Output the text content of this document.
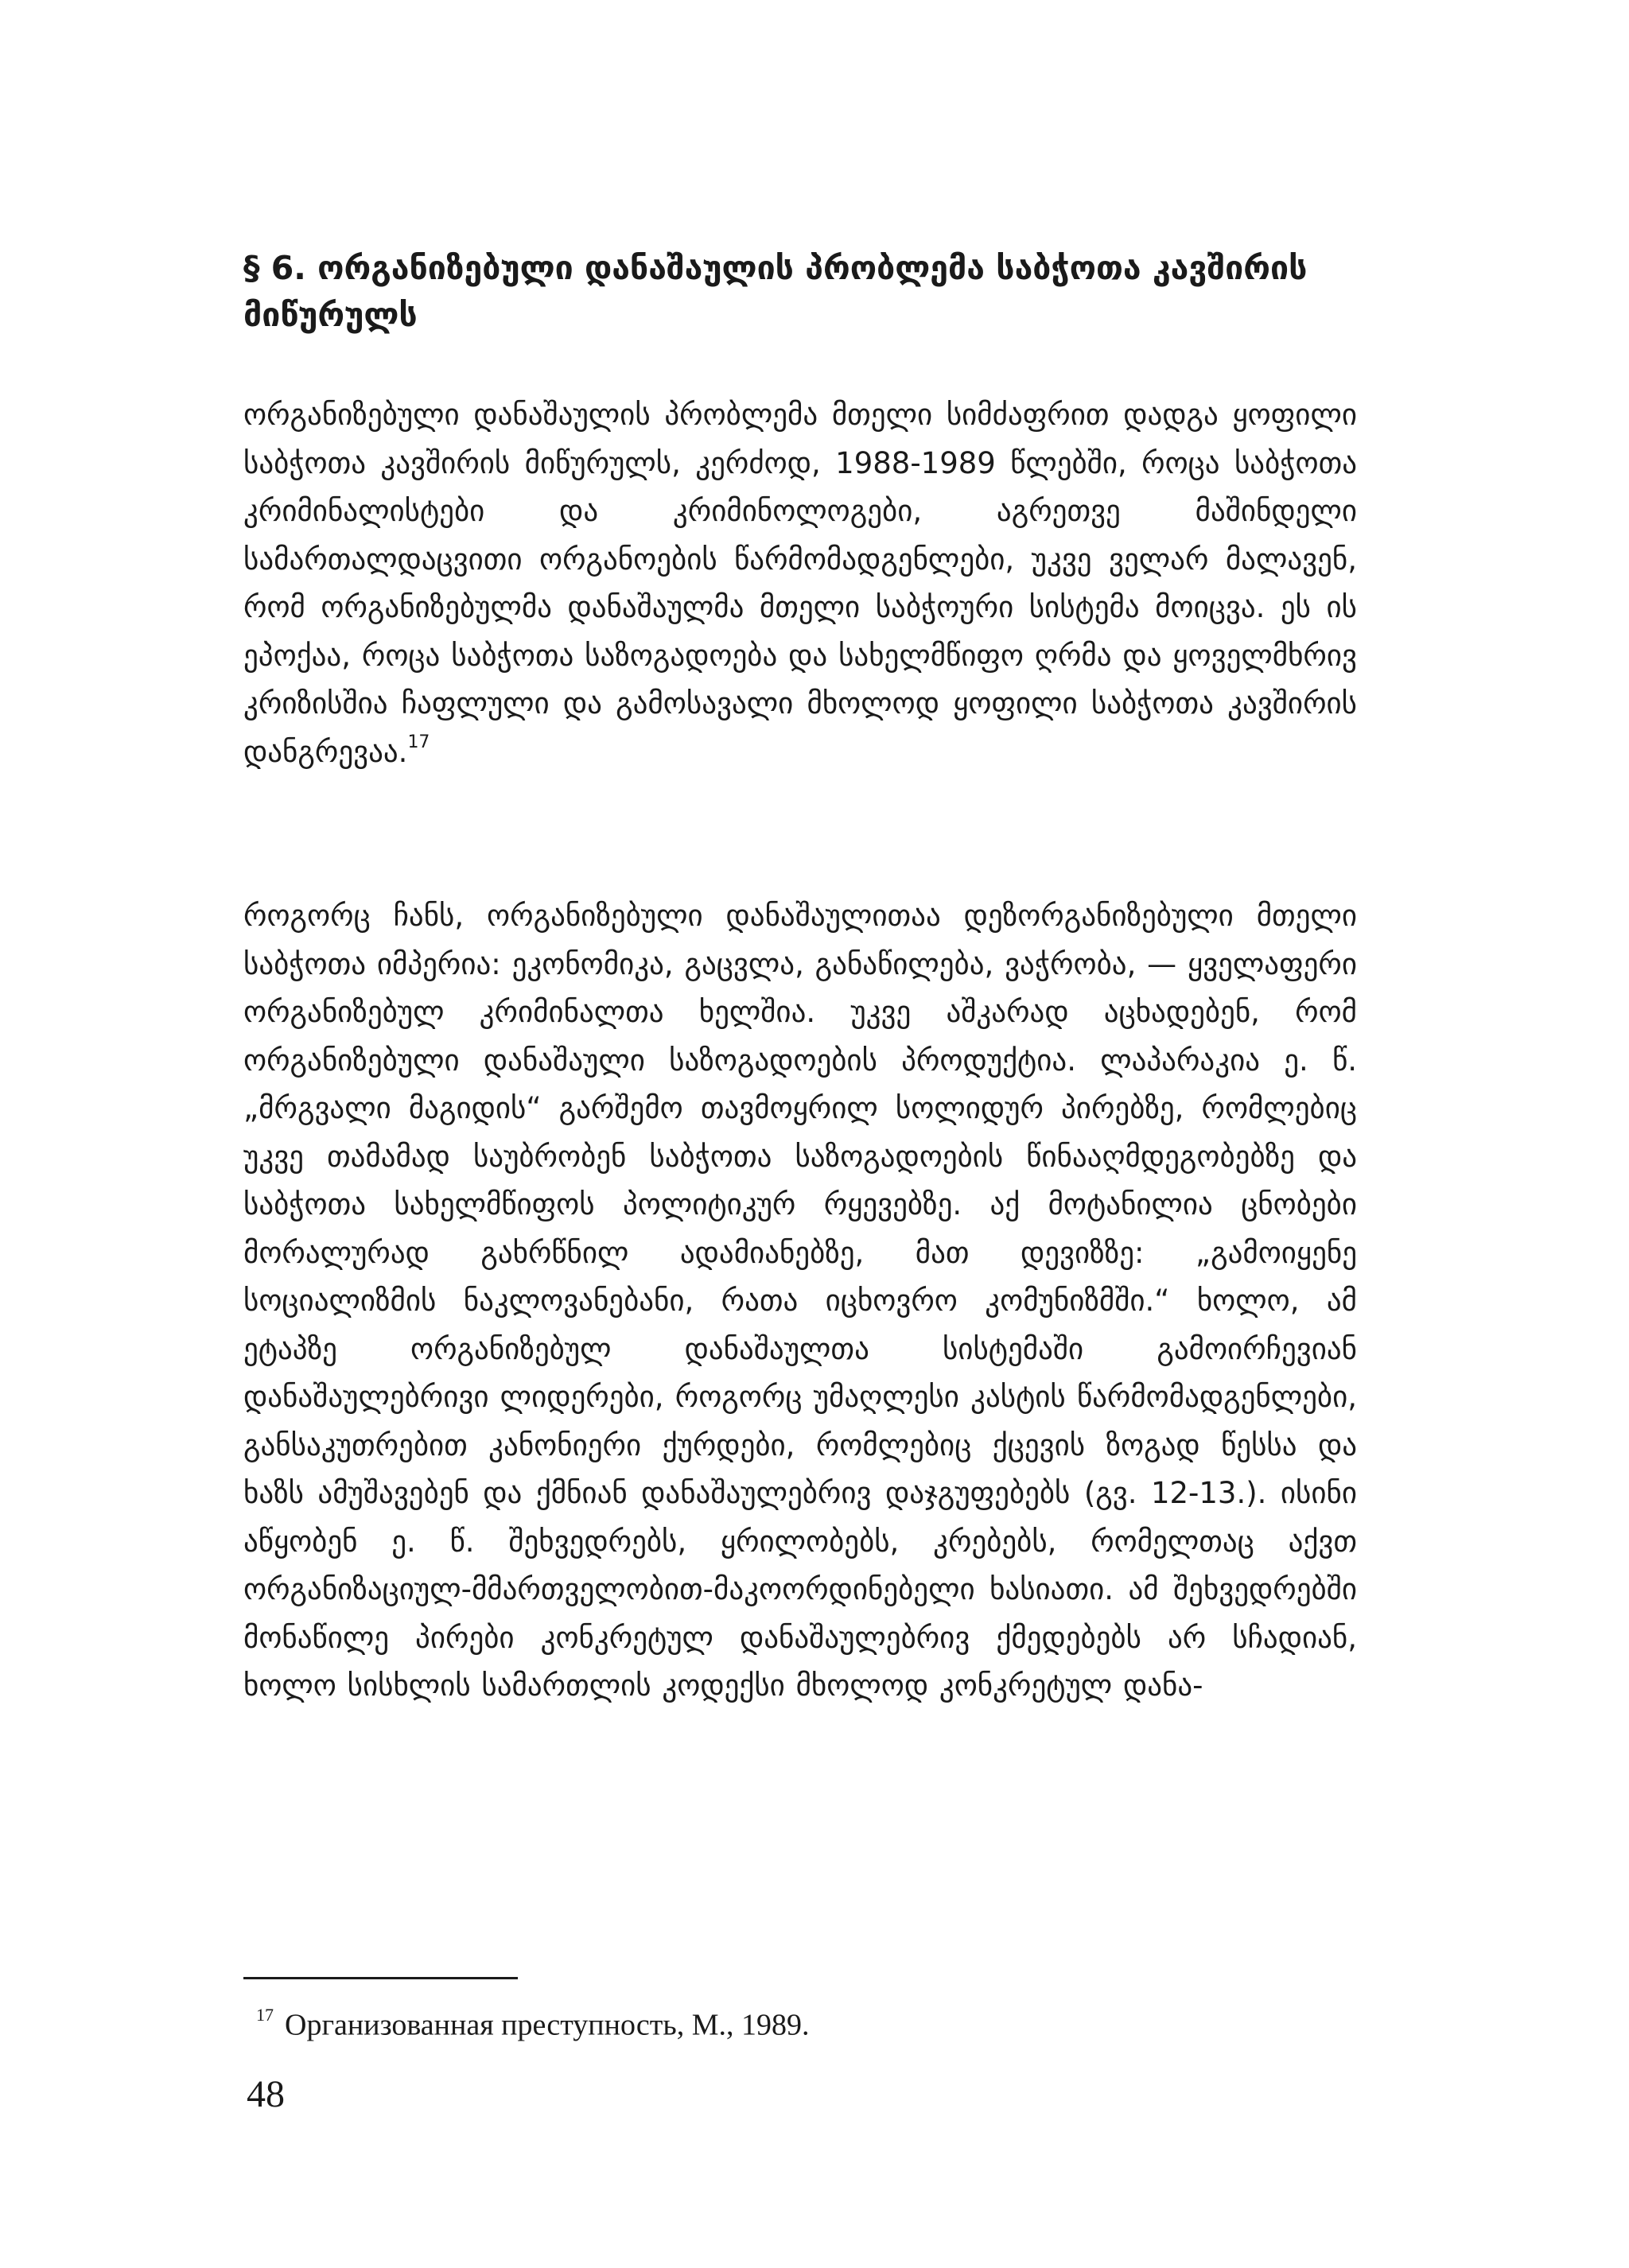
§ 6. ორგანიზებული დანაშაულის პრობლემა საბჭოთა კავშირის მიწურულს

ორგანიზებული დანაშაულის პრობლემა მთელი სიმძაფრით დადგა ყოფილი საბჭოთა კავშირის მიწურულს, კერძოდ, 1988-1989 წლებში, როცა საბჭოთა კრიმინალისტები და კრიმინოლოგები, აგრეთვე მაშინდელი სამართალდაცვითი ორგანოების წარმომადგენლები, უკვე ველარ მალავენ, რომ ორგანიზებულმა დანაშაულმა მთელი საბჭოური სისტემა მოიცვა. ეს ის ეპოქაა, როცა საბჭოთა საზოგადოება და სახელმწიფო ღრმა და ყოველმხრივ კრიზისშია ჩაფლული და გამოსავალი მხოლოდ ყოფილი საბჭოთა კავშირის დანგრევაა.$^{17}$

როგორც ჩანს, ორგანიზებული დანაშაულითაა დეზორგანიზებული მთელი საბჭოთა იმპერია: ეკონომიკა, გაცვლა, განაწილება, ვაჭრობა, — ყველაფერი ორგანიზებულ კრიმინალთა ხელშია. უკვე აშკარად აცხადებენ, რომ ორგანიზებული დანაშაული საზოგადოების პროდუქტია. ლაპარაკია ე. წ. „მრგვალი მაგიდის“ გარშემო თავმოყრილ სოლიდურ პირებზე, რომლებიც უკვე თამამად საუბრობენ საბჭოთა საზოგადოების წინააღმდეგობებზე და საბჭოთა სახელმწიფოს პოლიტიკურ რყევებზე. აქ მოტანილია ცნობები მორალურად გახრწნილ ადამიანებზე, მათ დევიზზე: „გამოიყენე სოციალიზმის ნაკლოვანებანი, რათა იცხოვრო კომუნიზმში.“ ხოლო, ამ ეტაპზე ორგანიზებულ დანაშაულთა სისტემაში გამოირჩევიან დანაშაულებრივი ლიდერები, როგორც უმაღლესი კასტის წარმომადგენლები, განსაკუთრებით კანონიერი ქურდები, რომლებიც ქცევის ზოგად წესსა და ხაზს ამუშავებენ და ქმნიან დანაშაულებრივ დაჯგუფებებს (გვ. 12-13.). ისინი აწყობენ ე. წ. შეხვედრებს, ყრილობებს, კრებებს, რომელთაც აქვთ ორგანიზაციულ-მმართველობით-მაკოორდინებელი ხასიათი. ამ შეხვედრებში მონაწილე პირები კონკრეტულ დანაშაულებრივ ქმედებებს არ სჩადიან, ხოლო სისხლის სამართლის კოდექსი მხოლოდ კონკრეტულ დანა-

$^{17}$ Организованная преступность, М., 1989.

48
